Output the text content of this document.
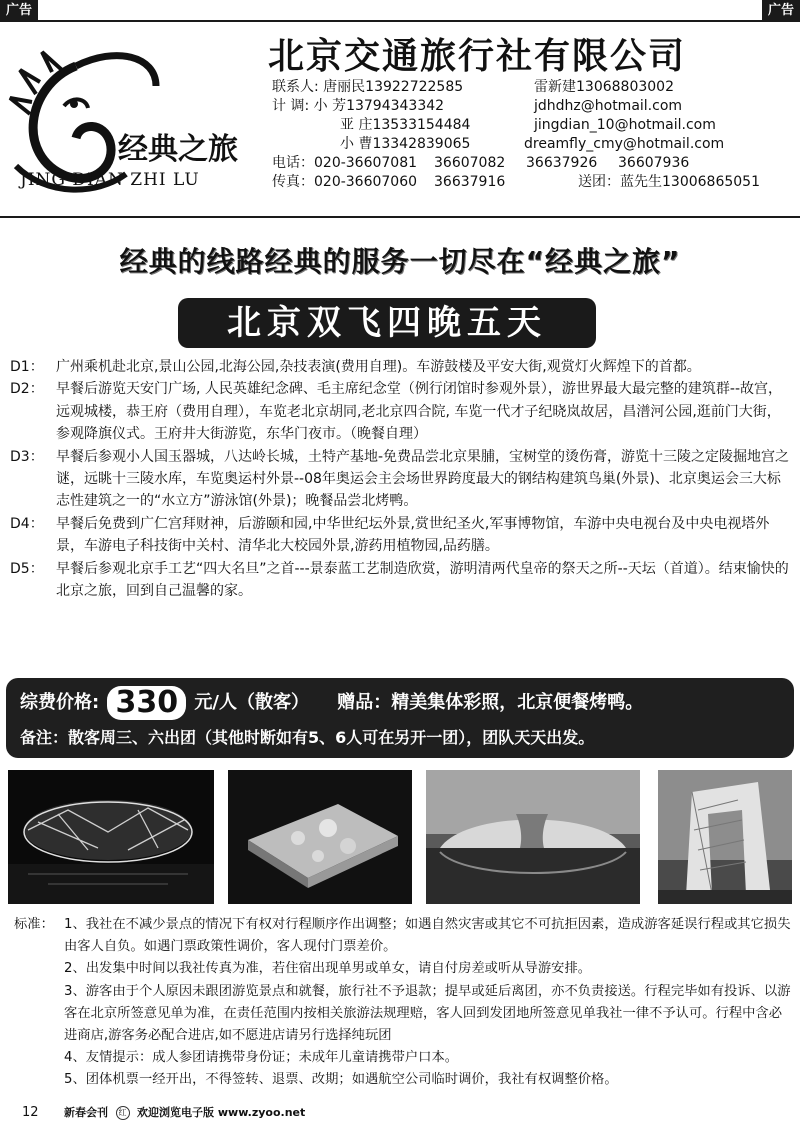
广告	广告
经典之旅
JING DIAN ZHI LU
北京交通旅行社有限公司
联系人: 唐丽民13922722585	雷新建13068803002
计 调: 小 芳13794343342	jdhdhz@hotmail.com
亚 庄13533154484	jingdian_10@hotmail.com
小 曹13342839065	dreamfly_cmy@hotmail.com
电话：020-36607081 36607082 36637926 36607936
传真：020-36607060 36637916	送团：蓝先生13006865051
经典的线路经典的服务一切尽在“经典之旅”
北京双飞四晚五天
D1： 广州乘机赴北京,景山公园,北海公园,杂技表演(费用自理)。车游鼓楼及平安大街,观赏灯火辉煌下的首都。
D2： 早餐后游览天安门广场, 人民英雄纪念碑、毛主席纪念堂（例行闭馆时参观外景），游世界最大最完整的建筑群--故宫，远观城楼，恭王府（费用自理），车览老北京胡同,老北京四合院, 车览一代才子纪晓岚故居，昌潽河公园,逛前门大街，参观降旗仪式。王府井大街游览，东华门夜市。（晚餐自理）
D3： 早餐后参观小人国玉器城，八达岭长城，土特产基地-免费品尝北京果脯，宝树堂的烫伤膏，游览十三陵之定陵掘地宫之谜，远眺十三陵水库，车览奥运村外景--08年奥运会主会场世界跨度最大的钢结构建筑鸟巢(外景)、北京奥运会三大标志性建筑之一的“水立方”游泳馆(外景)；晚餐品尝北烤鸭。
D4： 早餐后免费到广仁宫拜财神，后游颐和园,中华世纪坛外景,赏世纪圣火,军事博物馆，车游中央电视台及中央电视塔外景，车游电子科技街中关村、清华北大校园外景,游药用植物园,品药膳。
D5： 早餐后参观北京手工艺“四大名旦”之首---景泰蓝工艺制造欣赏，游明清两代皇帝的祭天之所--天坛（首道）。结束愉快的北京之旅，回到自己温馨的家。
综费价格: 330 元/人（散客） 赠品：精美集体彩照，北京便餐烤鸭。
备注：散客周三、六出团（其他时断如有5、6人可在另开一团），团队天天出发。
标准： 1、我社在不减少景点的情况下有权对行程顺序作出调整；如遇自然灾害或其它不可抗拒因素，造成游客延误行程或其它损失由客人自负。如遇门票政策性调价，客人现付门票差价。
2、出发集中时间以我社传真为准，若住宿出现单男或单女，请自付房差或听从导游安排。
3、游客由于个人原因未跟团游览景点和就餐，旅行社不予退款；提早或延后离团，亦不负责接送。行程完毕如有投诉、以游客在北京所签意见单为准，在责任范围内按相关旅游法规理赔，客人回到发团地所签意见单我社一律不予认可。行程中含必进商店,游客务必配合进店,如不愿进店请另行选择纯玩团
4、友情提示：成人参团请携带身份证；未成年儿童请携带户口本。
5、团体机票一经开出，不得签转、退票、改期；如遇航空公司临时调价，我社有权调整价格。
12 新春会刊 红 欢迎浏览电子版 www.zyoo.net
